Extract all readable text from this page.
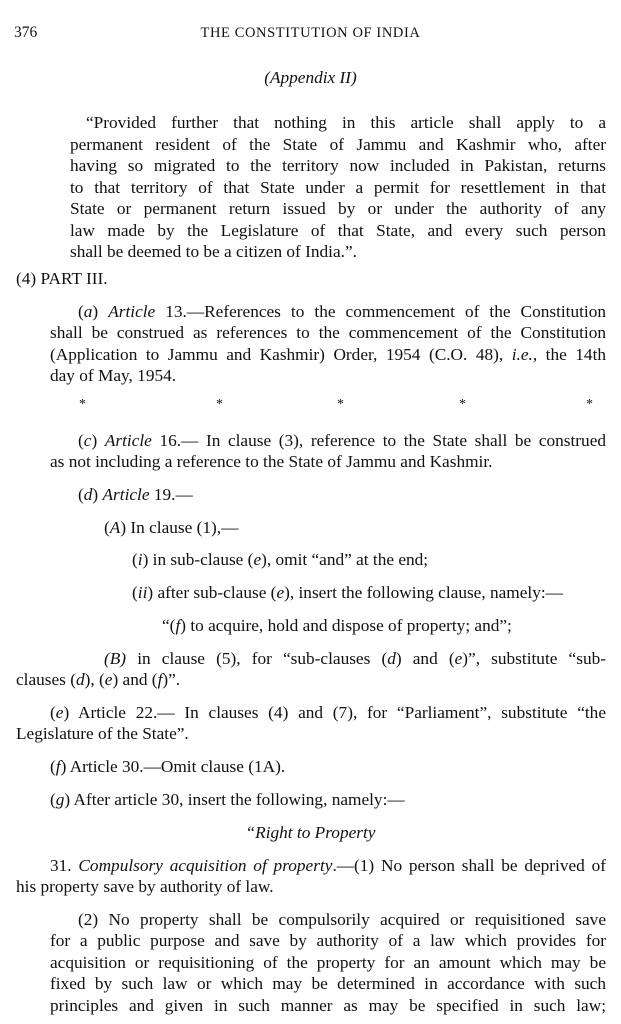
376	THE CONSTITUTION OF INDIA
(Appendix II)
“Provided further that nothing in this article shall apply to a
permanent resident of the State of Jammu and Kashmir who, after
having so migrated to the territory now included in Pakistan, returns
to that territory of that State under a permit for resettlement in that
State or permanent return issued by or under the authority of any
law made by the Legislature of that State, and every such person
shall be deemed to be a citizen of India.”.
(4) PART III.
(a) Article 13.—References to the commencement of the Constitution
shall be construed as references to the commencement of the Constitution
(Application to Jammu and Kashmir) Order, 1954 (C.O. 48), i.e., the 14th
day of May, 1954.
*	*	*	*	*
(c) Article 16.— In clause (3), reference to the State shall be construed
as not including a reference to the State of Jammu and Kashmir.
(d) Article 19.—
(A) In clause (1),—
(i) in sub-clause (e), omit “and” at the end;
(ii) after sub-clause (e), insert the following clause, namely:—
“(f) to acquire, hold and dispose of property; and”;
(B) in clause (5), for “sub-clauses (d) and (e)”, substitute “sub-
clauses (d), (e) and (f)”.
(e) Article 22.— In clauses (4) and (7), for “Parliament”, substitute “the
Legislature of the State”.
(f) Article 30.—Omit clause (1A).
(g) After article 30, insert the following, namely:—
“Right to Property
31. Compulsory acquisition of property.—(1) No person shall be deprived of
his property save by authority of law.
(2) No property shall be compulsorily acquired or requisitioned save
for a public purpose and save by authority of a law which provides for
acquisition or requisitioning of the property for an amount which may be
fixed by such law or which may be determined in accordance with such
principles and given in such manner as may be specified in such law;
